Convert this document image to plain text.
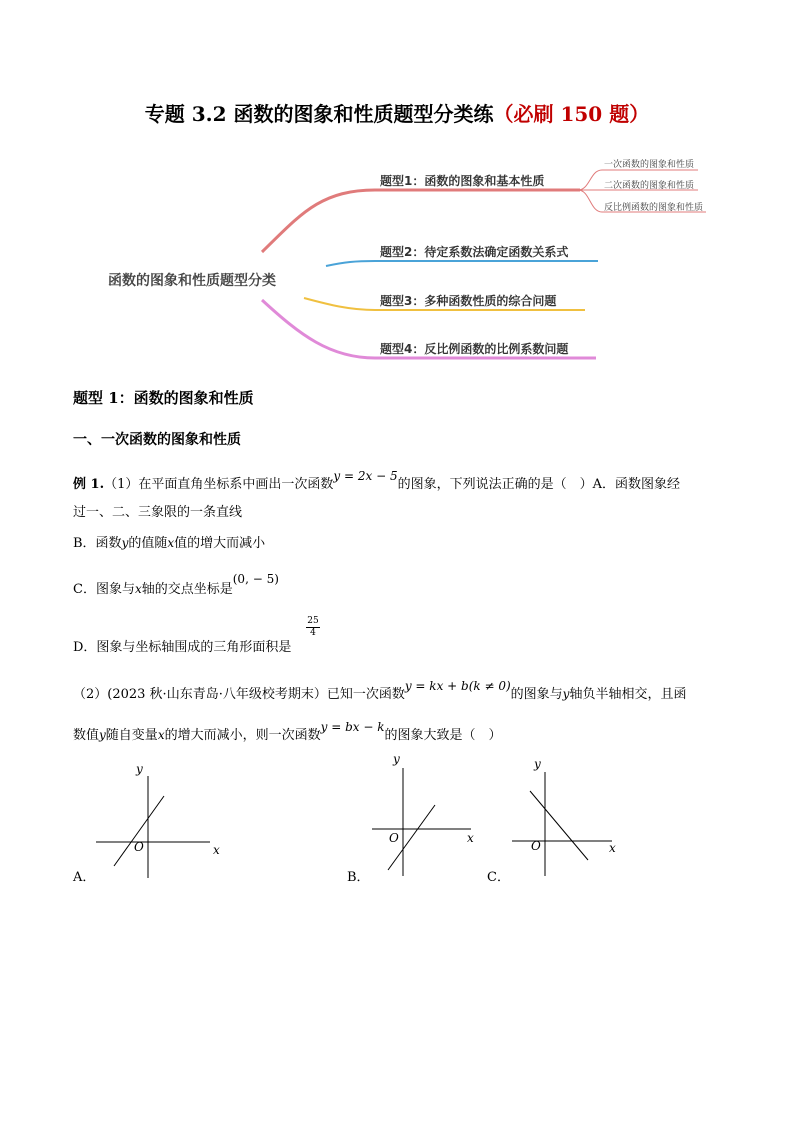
专题 3.2 函数的图象和性质题型分类练（必刷 150 题）
函数的图象和性质题型分类
题型1：函数的图象和基本性质
一次函数的图象和性质
二次函数的图象和性质
反比例函数的图象和性质
题型2：待定系数法确定函数关系式
题型3：多种函数性质的综合问题
题型4：反比例函数的比例系数问题
题型 1：函数的图象和性质
一、一次函数的图象和性质
例 1.（1）在平面直角坐标系中画出一次函数y = 2x − 5的图象，下列说法正确的是（　）A．函数图象经
过一、二、三象限的一条直线
B．函数y的值随x值的增大而减小
C．图象与x轴的交点坐标是(0, − 5)
D．图象与坐标轴围成的三角形面积是
25
4
（2）(2023 秋·山东青岛·八年级校考期末）已知一次函数y = kx + b(k ≠ 0)的图象与y轴负半轴相交，且函
数值y随自变量x的增大而减小，则一次函数y = bx − k的图象大致是（　）
y
x
O
A．
y
x
O
B．
y
x
O
C．
